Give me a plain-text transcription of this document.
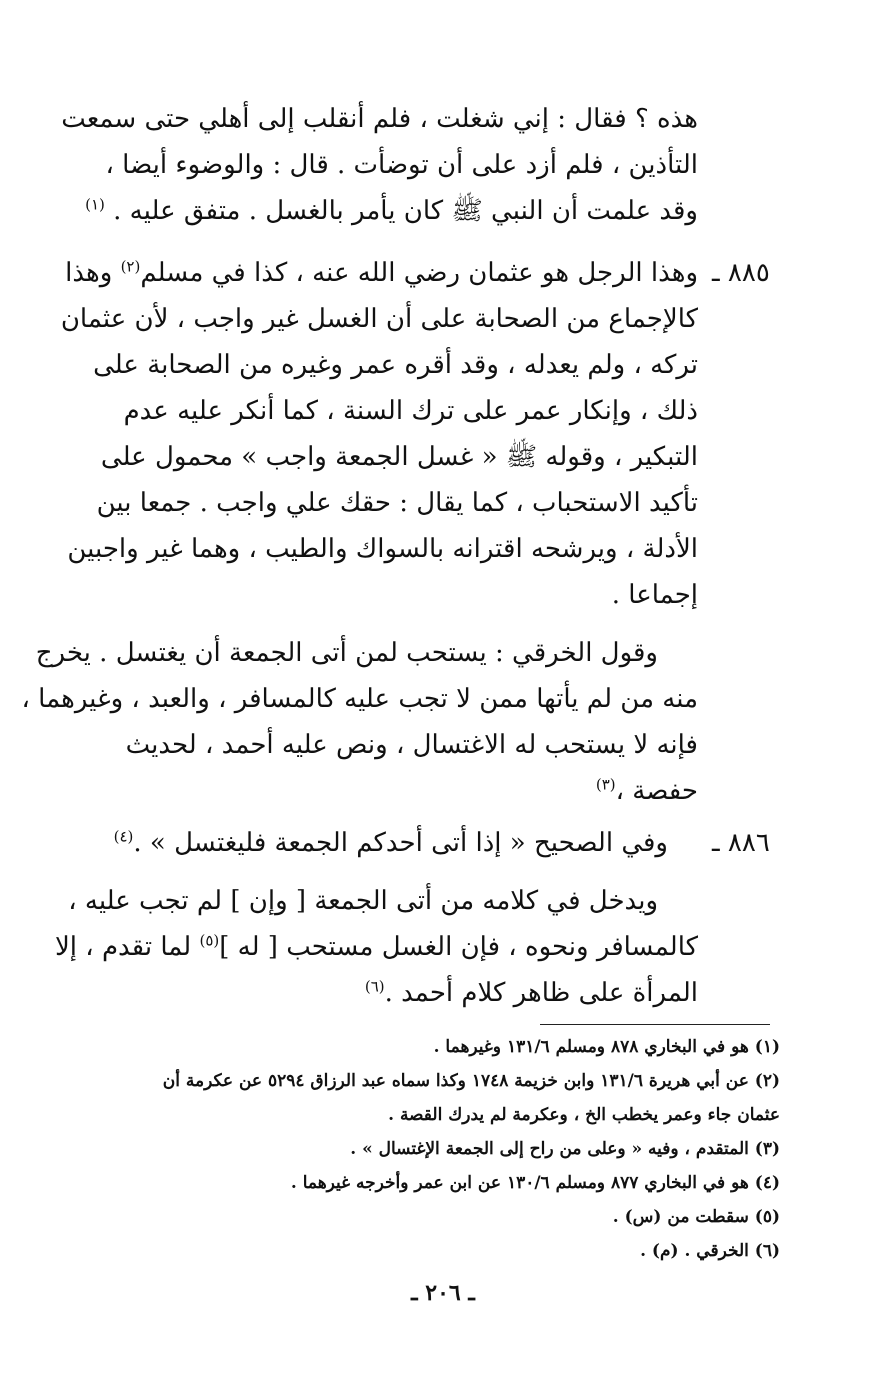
هذه ؟ فقال : إني شغلت ، فلم أنقلب إلى أهلي حتى سمعت
التأذين ، فلم أزد على أن توضأت . قال : والوضوء أيضا ،
وقد علمت أن النبي ﷺ كان يأمر بالغسل . متفق عليه . $^{(١)}$
٨٨٥ ـ
وهذا الرجل هو عثمان رضي الله عنه ، كذا في مسلم$^{(٢)}$ وهذا
كالإجماع من الصحابة على أن الغسل غير واجب ، لأن عثمان
تركه ، ولم يعدله ، وقد أقره عمر وغيره من الصحابة على
ذلك ، وإنكار عمر على ترك السنة ، كما أنكر عليه عدم
التبكير ، وقوله ﷺ « غسل الجمعة واجب » محمول على
تأكيد الاستحباب ، كما يقال : حقك علي واجب . جمعا بين
الأدلة ، ويرشحه اقترانه بالسواك والطيب ، وهما غير واجبين
إجماعا .
وقول الخرقي : يستحب لمن أتى الجمعة أن يغتسل . يخرج
منه من لم يأتها ممن لا تجب عليه كالمسافر ، والعبد ، وغيرهما ،
فإنه لا يستحب له الاغتسال ، ونص عليه أحمد ، لحديث
حفصة ،$^{(٣)}$
٨٨٦ ـ
وفي الصحيح « إذا أتى أحدكم الجمعة فليغتسل » .$^{(٤)}$
ويدخل في كلامه من أتى الجمعة [ وإن ] لم تجب عليه ،
كالمسافر ونحوه ، فإن الغسل مستحب [ له ]$^{(٥)}$ لما تقدم ، إلا
المرأة على ظاهر كلام أحمد .$^{(٦)}$
(١) هو في البخاري ٨٧٨ ومسلم ١٣١/٦ وغيرهما .
(٢) عن أبي هريرة ١٣١/٦ وابن خزيمة ١٧٤٨ وكذا سماه عبد الرزاق ٥٢٩٤ عن عكرمة أن
عثمان جاء وعمر يخطب الخ ، وعكرمة لم يدرك القصة .
(٣) المتقدم ، وفيه « وعلى من راح إلى الجمعة الإغتسال » .
(٤) هو في البخاري ٨٧٧ ومسلم ١٣٠/٦ عن ابن عمر وأخرجه غيرهما .
(٥) سقطت من (س) .
(٦) الخرقي . (م) .
ـ ٢٠٦ ـ
